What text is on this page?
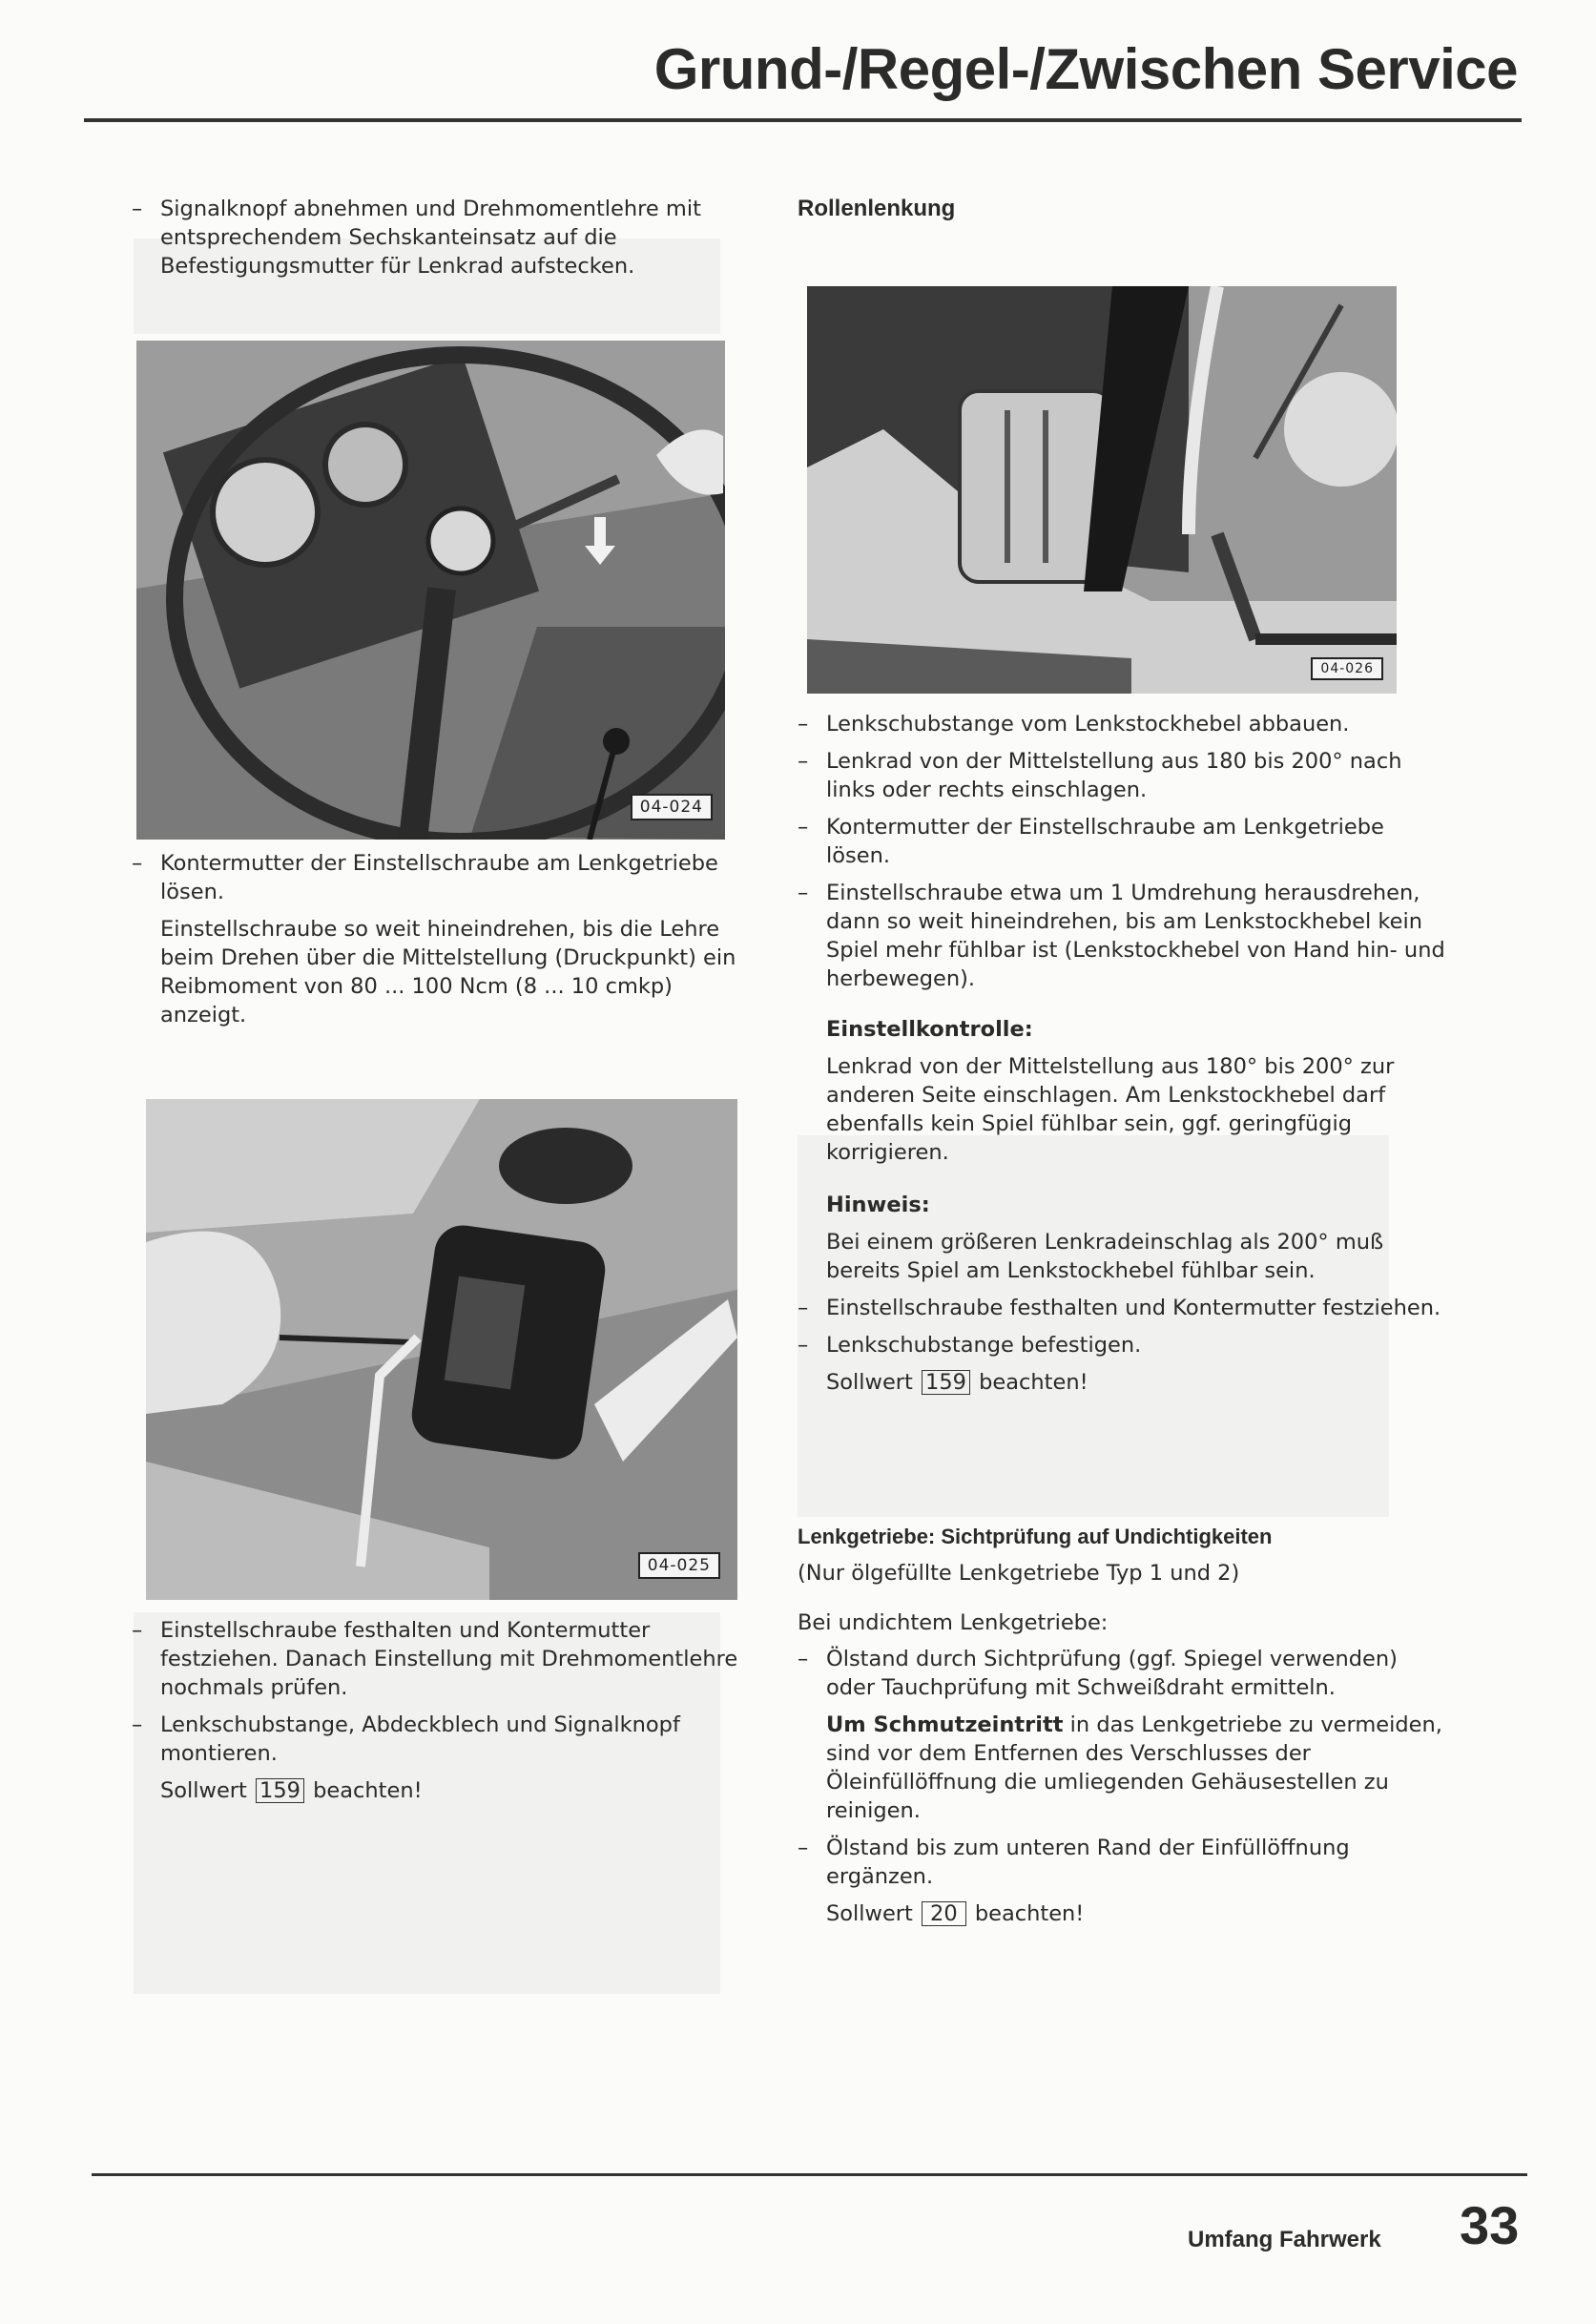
Grund-/Regel-/Zwischen Service
– Signalknopf abnehmen und Drehmomentlehre mit entsprechendem Sechskanteinsatz auf die Befestigungsmutter für Lenkrad aufstecken.
04-024
– Kontermutter der Einstellschraube am Lenkgetriebe lösen.
Einstellschraube so weit hineindrehen, bis die Lehre beim Drehen über die Mittelstellung (Druckpunkt) ein Reibmoment von 80 ... 100 Ncm (8 ... 10 cmkp) anzeigt.
04-025
– Einstellschraube festhalten und Kontermutter festziehen. Danach Einstellung mit Drehmomentlehre nochmals prüfen.
– Lenkschubstange, Abdeckblech und Signalknopf montieren.
Sollwert 159 beachten!
Rollenlenkung
04-026
– Lenkschubstange vom Lenkstockhebel abbauen.
– Lenkrad von der Mittelstellung aus 180 bis 200° nach links oder rechts einschlagen.
– Kontermutter der Einstellschraube am Lenkgetriebe lösen.
– Einstellschraube etwa um 1 Umdrehung herausdrehen, dann so weit hineindrehen, bis am Lenkstockhebel kein Spiel mehr fühlbar ist (Lenkstockhebel von Hand hin- und herbewegen).
Einstellkontrolle:
Lenkrad von der Mittelstellung aus 180° bis 200° zur anderen Seite einschlagen. Am Lenkstockhebel darf ebenfalls kein Spiel fühlbar sein, ggf. geringfügig korrigieren.
Hinweis:
Bei einem größeren Lenkradeinschlag als 200° muß bereits Spiel am Lenkstockhebel fühlbar sein.
– Einstellschraube festhalten und Kontermutter festziehen.
– Lenkschubstange befestigen.
Sollwert 159 beachten!
Lenkgetriebe: Sichtprüfung auf Undichtigkeiten
(Nur ölgefüllte Lenkgetriebe Typ 1 und 2)
Bei undichtem Lenkgetriebe:
– Ölstand durch Sichtprüfung (ggf. Spiegel verwenden) oder Tauchprüfung mit Schweißdraht ermitteln.
Um Schmutzeintritt in das Lenkgetriebe zu vermeiden, sind vor dem Entfernen des Verschlusses der Öleinfüllöffnung die umliegenden Gehäusestellen zu reinigen.
– Ölstand bis zum unteren Rand der Einfüllöffnung ergänzen.
Sollwert 20 beachten!
Umfang Fahrwerk 33
